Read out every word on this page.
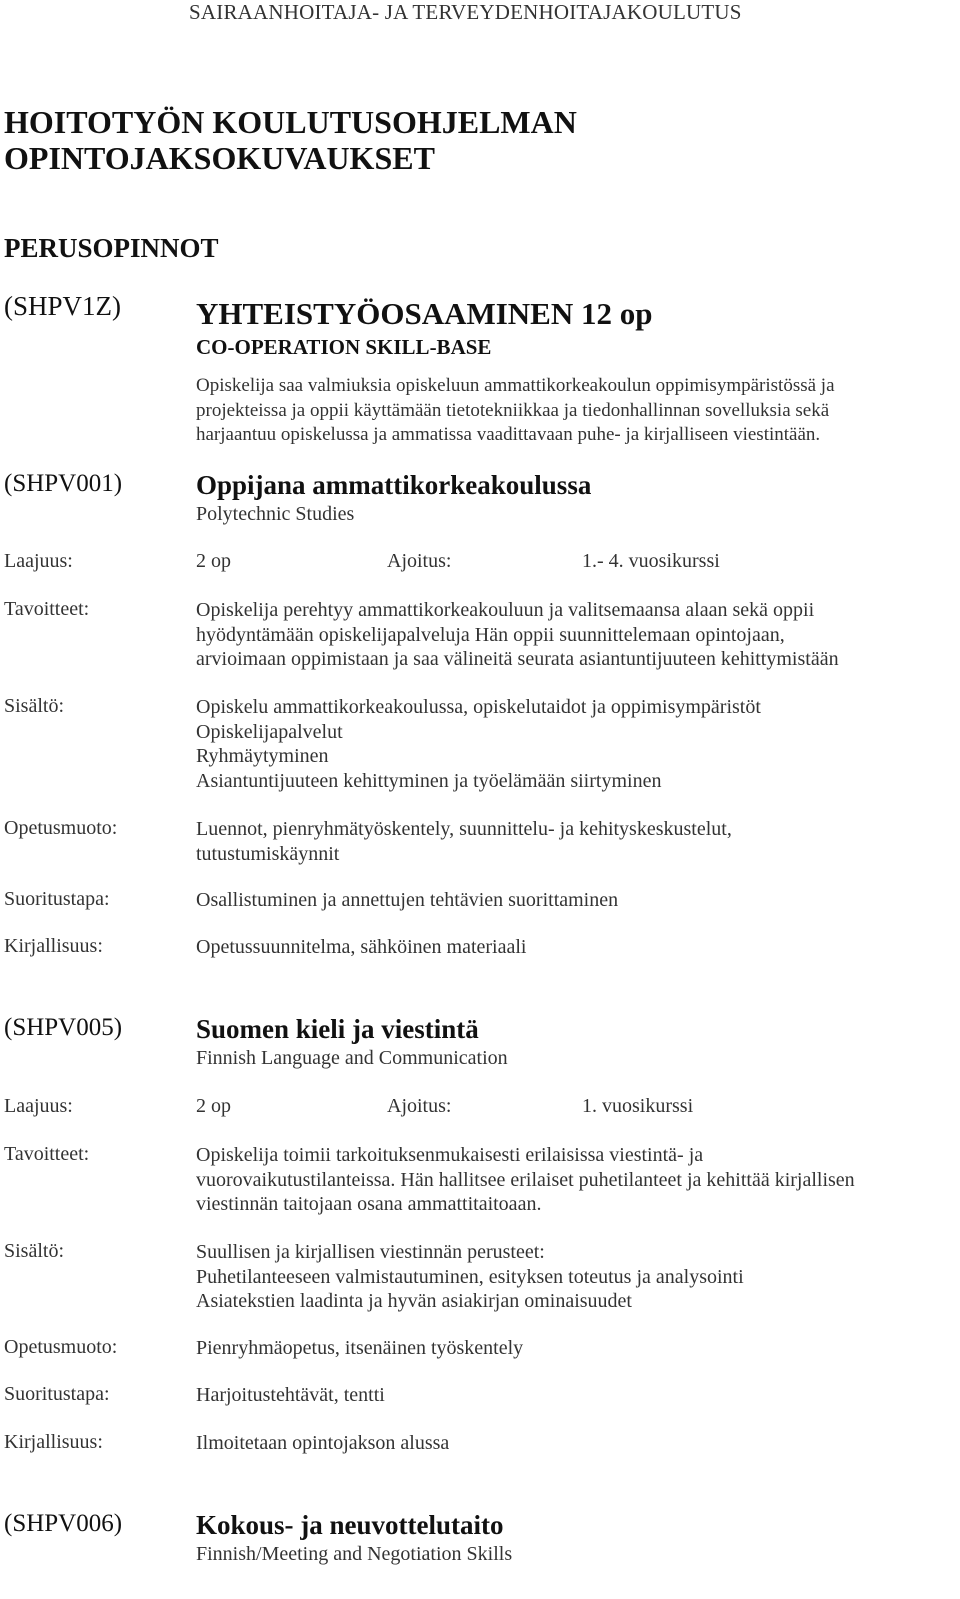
SAIRAANHOITAJA- JA TERVEYDENHOITAJAKOULUTUS
HOITOTYÖN KOULUTUSOHJELMAN
OPINTOJAKSOKUVAUKSET
PERUSOPINNOT
(SHPV1Z) YHTEISTYÖOSAAMINEN 12 op
CO-OPERATION SKILL-BASE
Opiskelija saa valmiuksia opiskeluun ammattikorkeakoulun oppimisympäristössä ja
projekteissa ja oppii käyttämään tietotekniikkaa ja tiedonhallinnan sovelluksia sekä
harjaantuu opiskelussa ja ammatissa vaadittavaan puhe- ja kirjalliseen viestintään.
(SHPV001)	Oppijana ammattikorkeakoulussa
Polytechnic Studies
Laajuus:	2 op	Ajoitus:	1.- 4. vuosikurssi
Tavoitteet:	Opiskelija perehtyy ammattikorkeakouluun ja valitsemaansa alaan sekä oppii
hyödyntämään opiskelijapalveluja Hän oppii suunnittelemaan opintojaan,
arvioimaan oppimistaan ja saa välineitä seurata asiantuntijuuteen kehittymistään
Sisältö:	Opiskelu ammattikorkeakoulussa, opiskelutaidot ja oppimisympäristöt
Opiskelijapalvelut
Ryhmäytyminen
Asiantuntijuuteen kehittyminen ja työelämään siirtyminen
Opetusmuoto:	Luennot, pienryhmätyöskentely, suunnittelu- ja kehityskeskustelut,
tutustumiskäynnit
Suoritustapa:	Osallistuminen ja annettujen tehtävien suorittaminen
Kirjallisuus:	Opetussuunnitelma, sähköinen materiaali
(SHPV005)	Suomen kieli ja viestintä
Finnish Language and Communication
Laajuus:	2 op	Ajoitus:	1. vuosikurssi
Tavoitteet:	Opiskelija toimii tarkoituksenmukaisesti erilaisissa viestintä- ja
vuorovaikutustilanteissa. Hän hallitsee erilaiset puhetilanteet ja kehittää kirjallisen
viestinnän taitojaan osana ammattitaitoaan.
Sisältö:	Suullisen ja kirjallisen viestinnän perusteet:
Puhetilanteeseen valmistautuminen, esityksen toteutus ja analysointi
Asiatekstien laadinta ja hyvän asiakirjan ominaisuudet
Opetusmuoto:	Pienryhmäopetus, itsenäinen työskentely
Suoritustapa:	Harjoitustehtävät, tentti
Kirjallisuus:	Ilmoitetaan opintojakson alussa
(SHPV006)	Kokous- ja neuvottelutaito
Finnish/Meeting and Negotiation Skills
